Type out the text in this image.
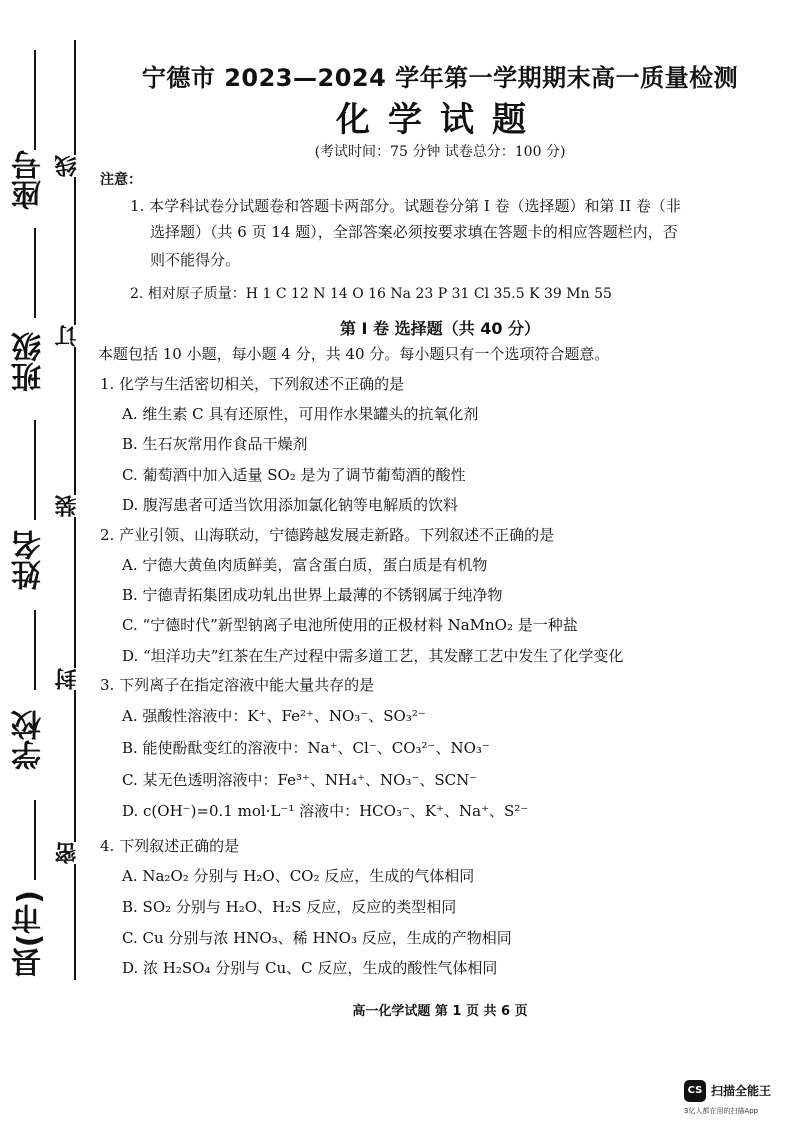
座号
班级
姓名
学校
县(市)
线
订
装
封
密
宁德市 2023—2024 学年第一学期期末高一质量检测
化学试题
(考试时间：75 分钟 试卷总分：100 分)
注意：
1. 本学科试卷分试题卷和答题卡两部分。试题卷分第 I 卷（选择题）和第 II 卷（非
选择题）（共 6 页 14 题），全部答案必须按要求填在答题卡的相应答题栏内，否
则不能得分。
2. 相对原子质量：H 1 C 12 N 14 O 16 Na 23 P 31 Cl 35.5 K 39 Mn 55
第 I 卷 选择题（共 40 分）
本题包括 10 小题，每小题 4 分，共 40 分。每小题只有一个选项符合题意。
1. 化学与生活密切相关，下列叙述不正确的是
A. 维生素 C 具有还原性，可用作水果罐头的抗氧化剂
B. 生石灰常用作食品干燥剂
C. 葡萄酒中加入适量 SO₂ 是为了调节葡萄酒的酸性
D. 腹泻患者可适当饮用添加氯化钠等电解质的饮料
2. 产业引领、山海联动，宁德跨越发展走新路。下列叙述不正确的是
A. 宁德大黄鱼肉质鲜美，富含蛋白质，蛋白质是有机物
B. 宁德青拓集团成功轧出世界上最薄的不锈钢属于纯净物
C. “宁德时代”新型钠离子电池所使用的正极材料 NaMnO₂ 是一种盐
D. “坦洋功夫”红茶在生产过程中需多道工艺，其发酵工艺中发生了化学变化
3. 下列离子在指定溶液中能大量共存的是
A. 强酸性溶液中：K⁺、Fe²⁺、NO₃⁻、SO₃²⁻
B. 能使酚酞变红的溶液中：Na⁺、Cl⁻、CO₃²⁻、NO₃⁻
C. 某无色透明溶液中：Fe³⁺、NH₄⁺、NO₃⁻、SCN⁻
D. c(OH⁻)=0.1 mol·L⁻¹ 溶液中：HCO₃⁻、K⁺、Na⁺、S²⁻
4. 下列叙述正确的是
A. Na₂O₂ 分别与 H₂O、CO₂ 反应，生成的气体相同
B. SO₂ 分别与 H₂O、H₂S 反应，反应的类型相同
C. Cu 分别与浓 HNO₃、稀 HNO₃ 反应，生成的产物相同
D. 浓 H₂SO₄ 分别与 Cu、C 反应，生成的酸性气体相同
高一化学试题 第 1 页 共 6 页
CS 扫描全能王
3亿人都在用的扫描App
